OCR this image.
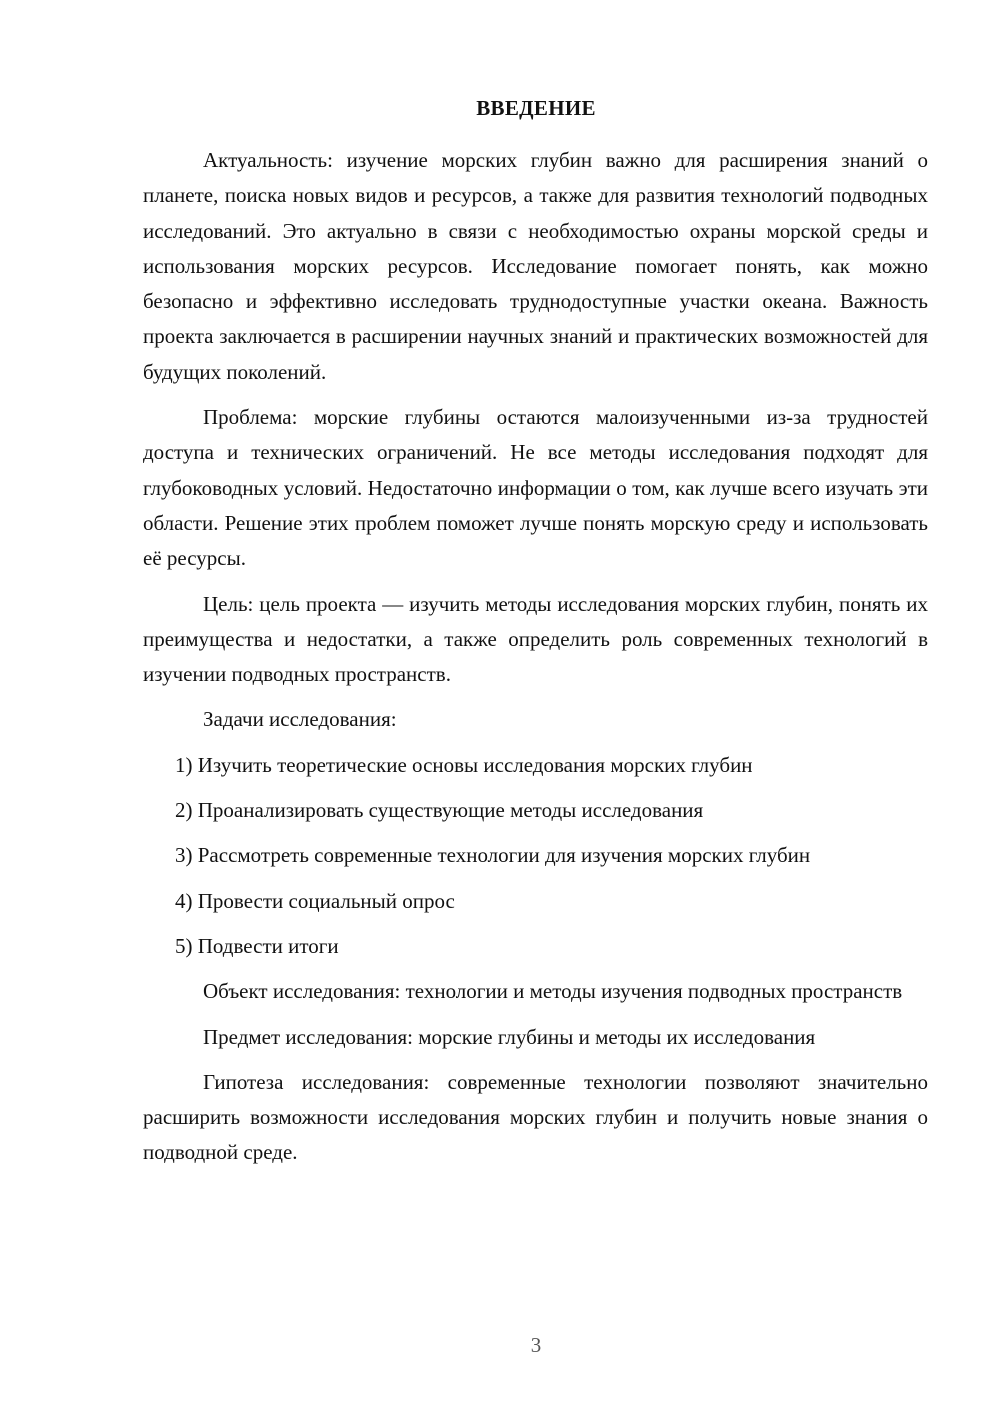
ВВЕДЕНИЕ

Актуальность: изучение морских глубин важно для расширения знаний о планете, поиска новых видов и ресурсов, а также для развития технологий подводных исследований. Это актуально в связи с необходимостью охраны морской среды и использования морских ресурсов. Исследование помогает понять, как можно безопасно и эффективно исследовать труднодоступные участки океана. Важность проекта заключается в расширении научных знаний и практических возможностей для будущих поколений.

Проблема: морские глубины остаются малоизученными из-за трудностей доступа и технических ограничений. Не все методы исследования подходят для глубоководных условий. Недостаточно информации о том, как лучше всего изучать эти области. Решение этих проблем поможет лучше понять морскую среду и использовать её ресурсы.

Цель: цель проекта — изучить методы исследования морских глубин, понять их преимущества и недостатки, а также определить роль современных технологий в изучении подводных пространств.

Задачи исследования:

1) Изучить теоретические основы исследования морских глубин
2) Проанализировать существующие методы исследования
3) Рассмотреть современные технологии для изучения морских глубин
4) Провести социальный опрос
5) Подвести итоги

Объект исследования: технологии и методы изучения подводных пространств

Предмет исследования: морские глубины и методы их исследования

Гипотеза исследования: современные технологии позволяют значительно расширить возможности исследования морских глубин и получить новые знания о подводной среде.

3
